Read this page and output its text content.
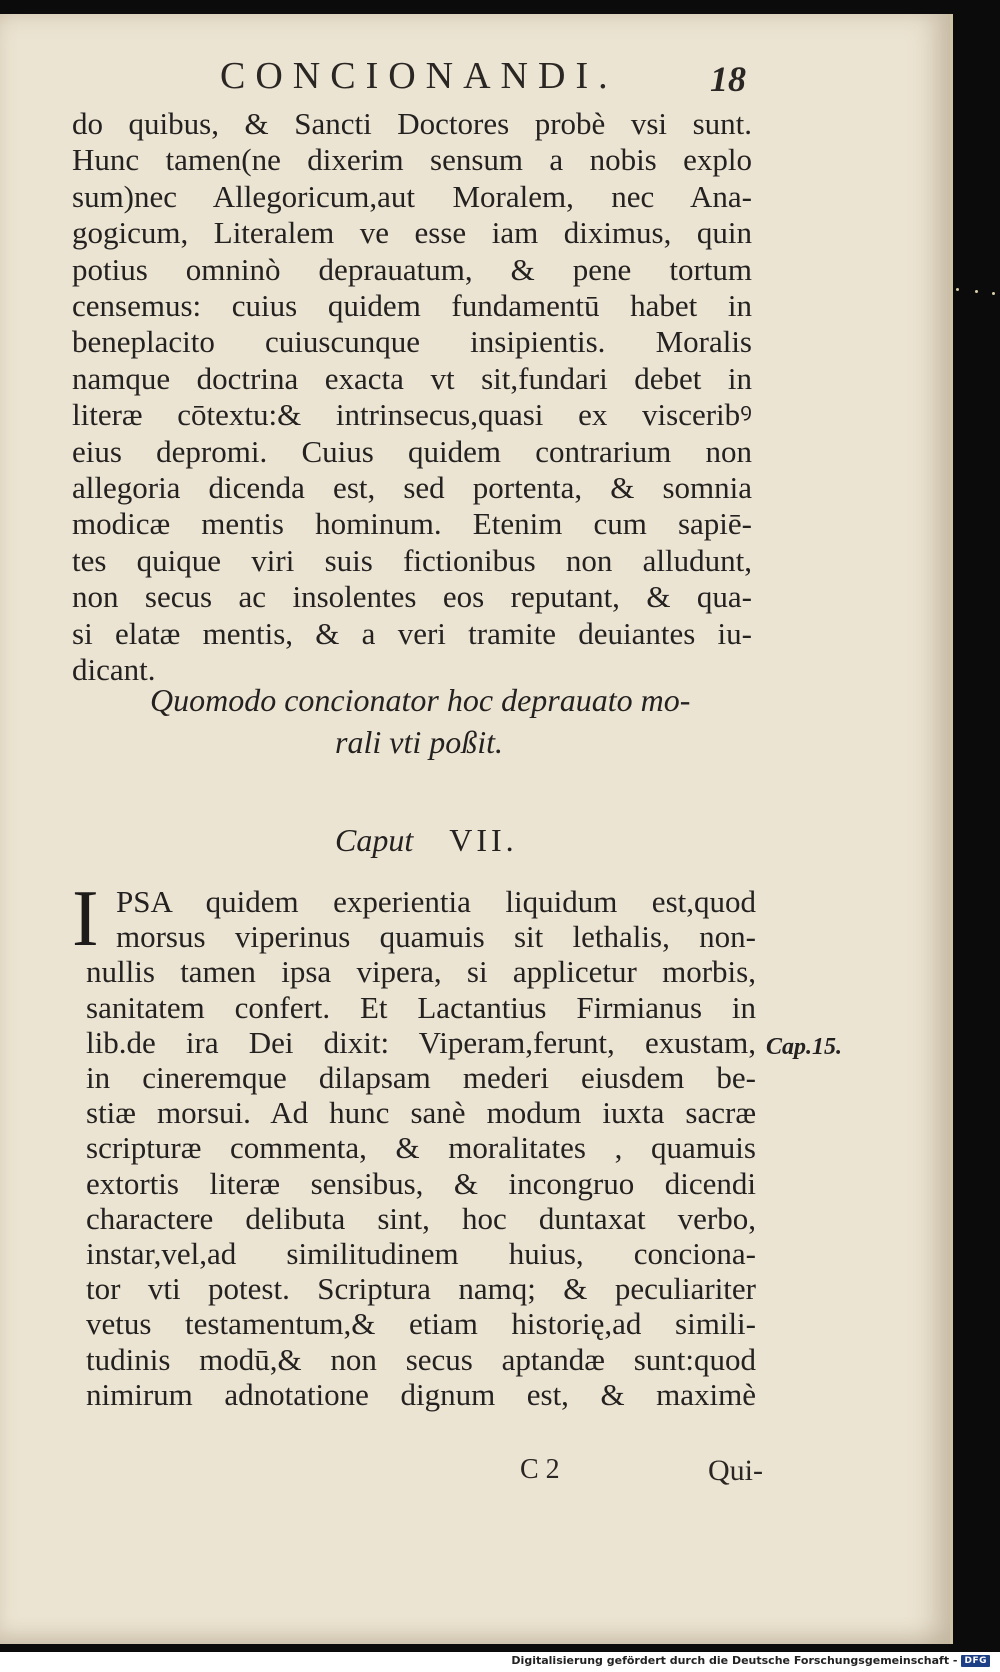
CONCIONANDI.	18
do quibus, & Sancti Doctores probè vsi sunt.
Hunc tamen(ne dixerim sensum a nobis explo
sum)nec Allegoricum,aut Moralem, nec Ana-
gogicum, Literalem ve esse iam diximus, quin
potius omninò deprauatum, & pene tortum
censemus: cuius quidem fundamentū habet in
beneplacito cuiuscunque insipientis. Moralis
namque doctrina exacta vt sit,fundari debet in
literæ cōtextu:& intrinsecus,quasi ex visceribꝰ
eius depromi. Cuius quidem contrarium non
allegoria dicenda est, sed portenta, & somnia
modicæ mentis hominum. Etenim cum sapiē-
tes quique viri suis fictionibus non alludunt,
non secus ac insolentes eos reputant, & qua-
si elatæ mentis, & a veri tramite deuiantes iu-
dicant.
Quomodo concionator hoc deprauato mo-
rali vti poßit.
Caput VII.
I PSA quidem experientia liquidum est,quod
morsus viperinus quamuis sit lethalis, non-
nullis tamen ipsa vipera, si applicetur morbis,
sanitatem confert. Et Lactantius Firmianus in
lib.de ira Dei dixit: Viperam,ferunt, exustam,
in cineremque dilapsam mederi eiusdem be-
stiæ morsui. Ad hunc sanè modum iuxta sacræ
scripturæ commenta, & moralitates , quamuis
extortis literæ sensibus, & incongruo dicendi
charactere delibuta sint, hoc duntaxat verbo,
instar,vel,ad similitudinem huius, conciona-
tor vti potest. Scriptura namq; & peculiariter
vetus testamentum,& etiam historię,ad simili-
tudinis modū,& non secus aptandæ sunt:quod
nimirum adnotatione dignum est, & maximè
Cap.15.
C 2	Qui-
Digitalisierung gefördert durch die Deutsche Forschungsgemeinschaft - DFG
